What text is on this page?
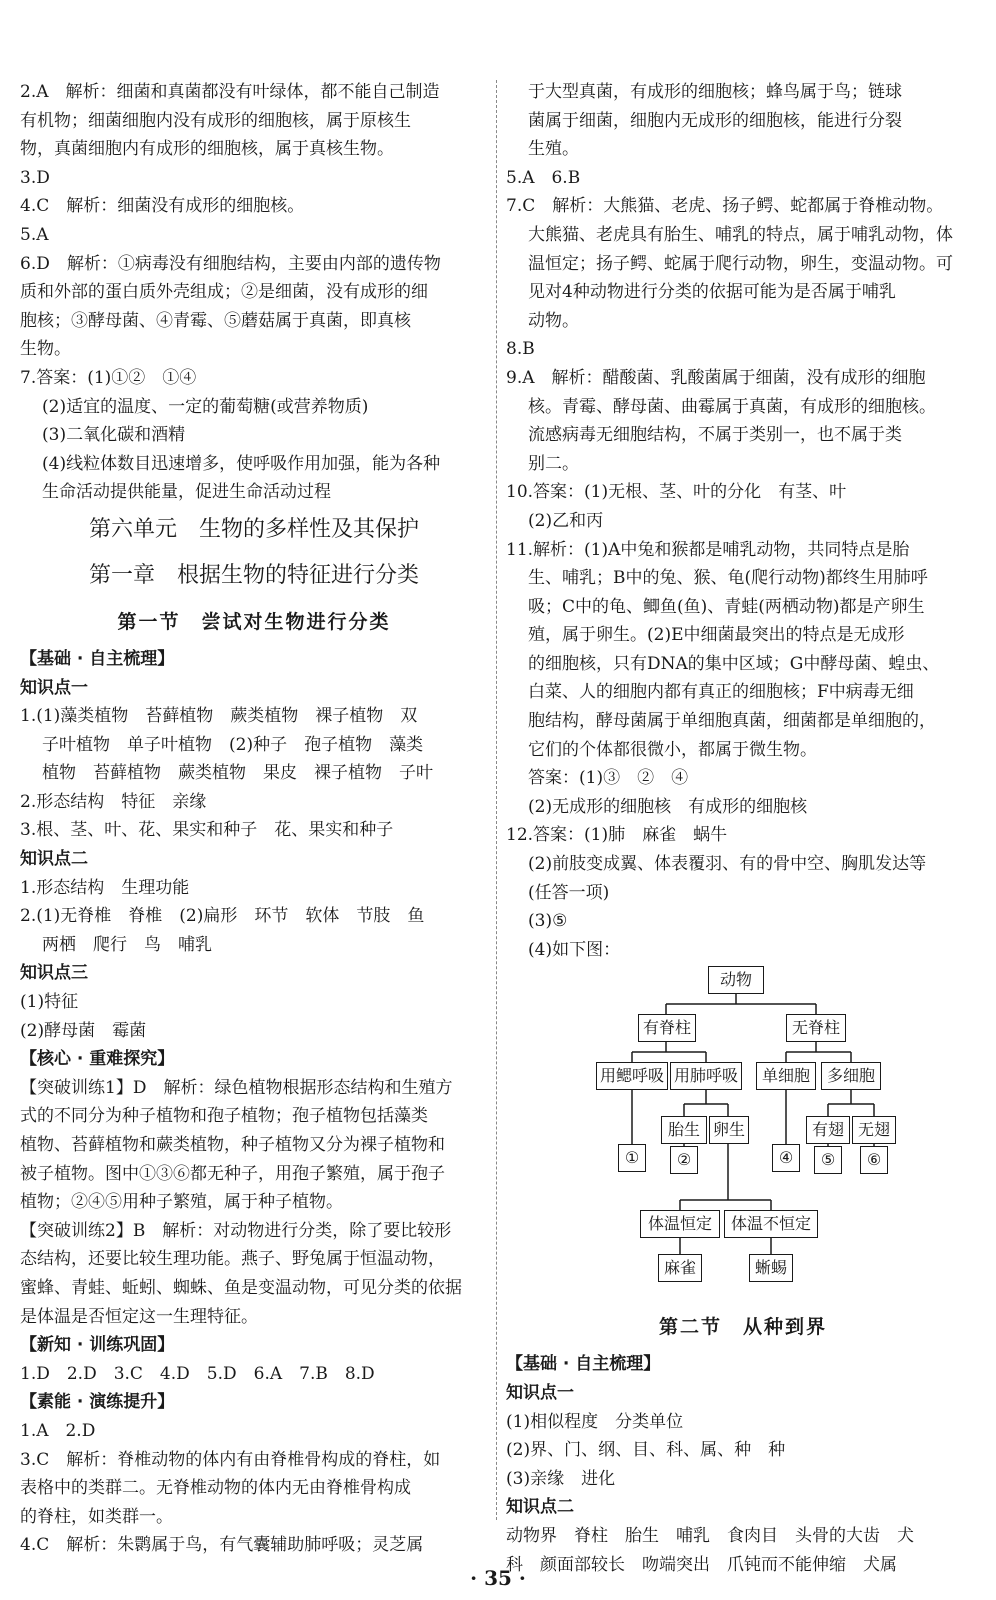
2.A　解析：细菌和真菌都没有叶绿体，都不能自己制造
有机物；细菌细胞内没有成形的细胞核，属于原核生
物，真菌细胞内有成形的细胞核，属于真核生物。
3.D
4.C　解析：细菌没有成形的细胞核。
5.A
6.D　解析：①病毒没有细胞结构，主要由内部的遗传物
质和外部的蛋白质外壳组成；②是细菌，没有成形的细
胞核；③酵母菌、④青霉、⑤蘑菇属于真菌，即真核
生物。
7.答案：(1)①②　①④
(2)适宜的温度、一定的葡萄糖(或营养物质)
(3)二氧化碳和酒精
(4)线粒体数目迅速增多，使呼吸作用加强，能为各种
生命活动提供能量，促进生命活动过程
第六单元　生物的多样性及其保护
第一章　根据生物的特征进行分类
第一节　尝试对生物进行分类
【基础 · 自主梳理】
知识点一
1.(1)藻类植物　苔藓植物　蕨类植物　裸子植物　双
子叶植物　单子叶植物　(2)种子　孢子植物　藻类
植物　苔藓植物　蕨类植物　果皮　裸子植物　子叶
2.形态结构　特征　亲缘
3.根、茎、叶、花、果实和种子　花、果实和种子
知识点二
1.形态结构　生理功能
2.(1)无脊椎　脊椎　(2)扁形　环节　软体　节肢　鱼
两栖　爬行　鸟　哺乳
知识点三
(1)特征
(2)酵母菌　霉菌
【核心 · 重难探究】
【突破训练1】D　解析：绿色植物根据形态结构和生殖方
式的不同分为种子植物和孢子植物；孢子植物包括藻类
植物、苔藓植物和蕨类植物，种子植物又分为裸子植物和
被子植物。图中①③⑥都无种子，用孢子繁殖，属于孢子
植物；②④⑤用种子繁殖，属于种子植物。
【突破训练2】B　解析：对动物进行分类，除了要比较形
态结构，还要比较生理功能。燕子、野兔属于恒温动物，
蜜蜂、青蛙、蚯蚓、蜘蛛、鱼是变温动物，可见分类的依据
是体温是否恒定这一生理特征。
【新知 · 训练巩固】
1.D　2.D　3.C　4.D　5.D　6.A　7.B　8.D
【素能 · 演练提升】
1.A　2.D
3.C　解析：脊椎动物的体内有由脊椎骨构成的脊柱，如
表格中的类群二。无脊椎动物的体内无由脊椎骨构成
的脊柱，如类群一。
4.C　解析：朱鹮属于鸟，有气囊辅助肺呼吸；灵芝属
于大型真菌，有成形的细胞核；蜂鸟属于鸟；链球
菌属于细菌，细胞内无成形的细胞核，能进行分裂
生殖。
5.A　6.B
7.C　解析：大熊猫、老虎、扬子鳄、蛇都属于脊椎动物。
大熊猫、老虎具有胎生、哺乳的特点，属于哺乳动物，体
温恒定；扬子鳄、蛇属于爬行动物，卵生，变温动物。可
见对4种动物进行分类的依据可能为是否属于哺乳
动物。
8.B
9.A　解析：醋酸菌、乳酸菌属于细菌，没有成形的细胞
核。青霉、酵母菌、曲霉属于真菌，有成形的细胞核。
流感病毒无细胞结构，不属于类别一，也不属于类
别二。
10.答案：(1)无根、茎、叶的分化　有茎、叶
(2)乙和丙
11.解析：(1)A中兔和猴都是哺乳动物，共同特点是胎
生、哺乳；B中的兔、猴、龟(爬行动物)都终生用肺呼
吸；C中的龟、鲫鱼(鱼)、青蛙(两栖动物)都是产卵生
殖，属于卵生。(2)E中细菌最突出的特点是无成形
的细胞核，只有DNA的集中区域；G中酵母菌、蝗虫、
白菜、人的细胞内都有真正的细胞核；F中病毒无细
胞结构，酵母菌属于单细胞真菌，细菌都是单细胞的，
它们的个体都很微小，都属于微生物。
答案：(1)③　②　④
(2)无成形的细胞核　有成形的细胞核
12.答案：(1)肺　麻雀　蜗牛
(2)前肢变成翼、体表覆羽、有的骨中空、胸肌发达等
(任答一项)
(3)⑤
(4)如下图：
动物
有脊柱	无脊柱
用鳃呼吸 用肺呼吸	单细胞	多细胞
胎生 卵生	有翅 无翅
①	②	④	⑤	⑥
体温恒定	体温不恒定
麻雀	蜥蜴
第二节　从种到界
【基础 · 自主梳理】
知识点一
(1)相似程度　分类单位
(2)界、门、纲、目、科、属、种　种
(3)亲缘　进化
知识点二
动物界　脊柱　胎生　哺乳　食肉目　头骨的大齿　犬
科　颜面部较长　吻端突出　爪钝而不能伸缩　犬属
· 35 ·
